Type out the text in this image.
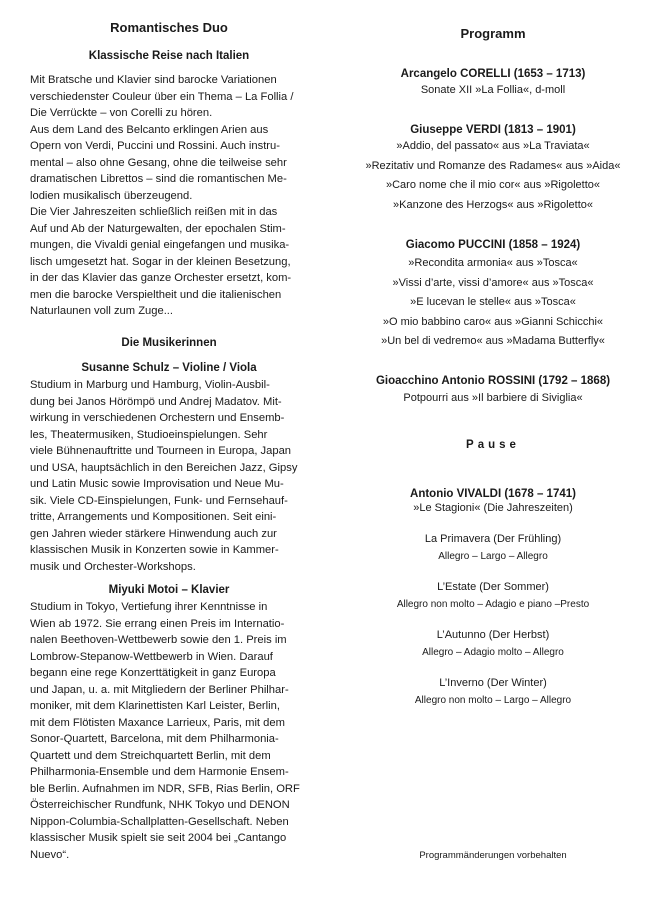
Romantisches Duo
Klassische Reise nach Italien

Mit Bratsche und Klavier sind barocke Variationen
verschiedenster Couleur über ein Thema – La Follia /
Die Verrückte – von Corelli zu hören.
Aus dem Land des Belcanto erklingen Arien aus
Opern von Verdi, Puccini und Rossini. Auch instru-
mental – also ohne Gesang, ohne die teilweise sehr
dramatischen Librettos – sind die romantischen Me-
lodien musikalisch überzeugend.
Die Vier Jahreszeiten schließlich reißen mit in das
Auf und Ab der Naturgewalten, der epochalen Stim-
mungen, die Vivaldi genial eingefangen und musika-
lisch umgesetzt hat. Sogar in der kleinen Besetzung,
in der das Klavier das ganze Orchester ersetzt, kom-
men die barocke Verspieltheit und die italienischen
Naturlaunen voll zum Zuge...

Die Musikerinnen
Susanne Schulz – Violine / Viola

Studium in Marburg und Hamburg, Violin-Ausbil-
dung bei Janos Hörömpö und Andrej Madatov. Mit-
wirkung in verschiedenen Orchestern und Ensemb-
les, Theatermusiken, Studioeinspielungen. Sehr
viele Bühnenauftritte und Tourneen in Europa, Japan
und USA, hauptsächlich in den Bereichen Jazz, Gipsy
und Latin Music sowie Improvisation und Neue Mu-
sik. Viele CD-Einspielungen, Funk- und Fernsehauf-
tritte, Arrangements und Kompositionen. Seit eini-
gen Jahren wieder stärkere Hinwendung auch zur
klassischen Musik in Konzerten sowie in Kammer-
musik und Orchester-Workshops.

Miyuki Motoi – Klavier

Studium in Tokyo, Vertiefung ihrer Kenntnisse in
Wien ab 1972. Sie errang einen Preis im Internatio-
nalen Beethoven-Wettbewerb sowie den 1. Preis im
Lombrow-Stepanow-Wettbewerb in Wien. Darauf
begann eine rege Konzerttätigkeit in ganz Europa
und Japan, u. a. mit Mitgliedern der Berliner Philhar-
moniker, mit dem Klarinettisten Karl Leister, Berlin,
mit dem Flötisten Maxance Larrieux, Paris, mit dem
Sonor-Quartett, Barcelona, mit dem Philharmonia-
Quartett und dem Streichquartett Berlin, mit dem
Philharmonia-Ensemble und dem Harmonie Ensem-
ble Berlin. Aufnahmen im NDR, SFB, Rias Berlin, ORF
Österreichischer Rundfunk, NHK Tokyo und DENON
Nippon-Columbia-Schallplatten-Gesellschaft. Neben
klassischer Musik spielt sie seit 2004 bei „Cantango
Nuevo“.

Programm
Arcangelo CORELLI (1653 – 1713)
Sonate XII »La Follia«, d-moll
Giuseppe VERDI (1813 – 1901)
»Addio, del passato« aus »La Traviata«
»Rezitativ und Romanze des Radames« aus »Aida«
»Caro nome che il mio cor« aus »Rigoletto«
»Kanzone des Herzogs« aus »Rigoletto«
Giacomo PUCCINI (1858 – 1924)
»Recondita armonia« aus »Tosca«
»Vissi d’arte, vissi d’amore« aus »Tosca«
»E lucevan le stelle« aus »Tosca«
»O mio babbino caro« aus »Gianni Schicchi«
»Un bel di vedremo« aus »Madama Butterfly«
Gioacchino Antonio ROSSINI (1792 – 1868)
Potpourri aus »Il barbiere di Siviglia«
Pause
Antonio VIVALDI (1678 – 1741)
»Le Stagioni« (Die Jahreszeiten)
La Primavera (Der Frühling)
Allegro – Largo – Allegro
L’Estate (Der Sommer)
Allegro non molto – Adagio e piano –Presto
L’Autunno (Der Herbst)
Allegro – Adagio molto – Allegro
L’Inverno (Der Winter)
Allegro non molto – Largo – Allegro
Programmänderungen vorbehalten
